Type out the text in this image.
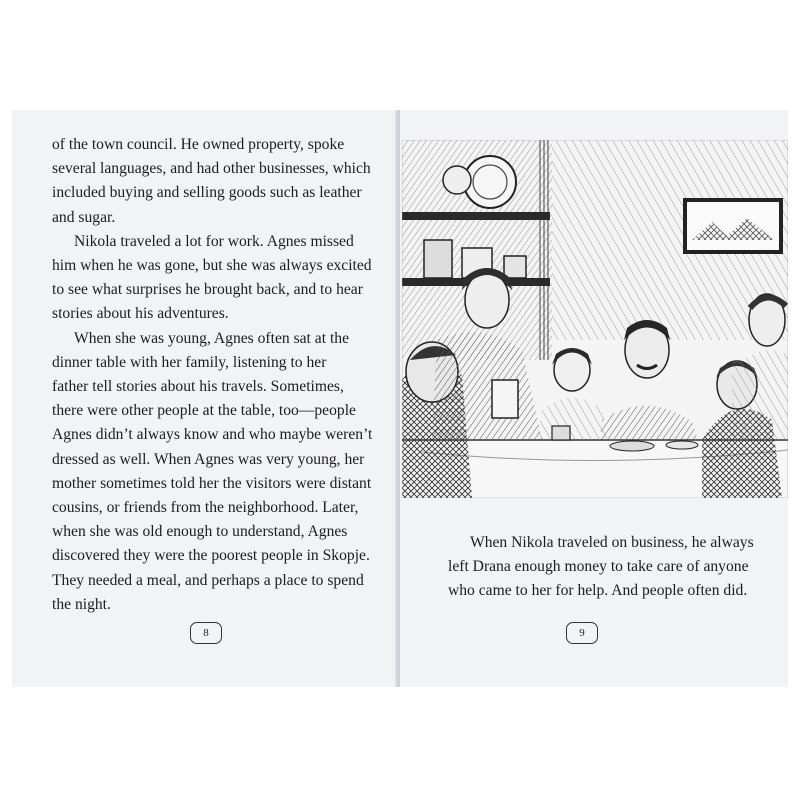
of the town council. He owned property, spoke
several languages, and had other businesses, which
included buying and selling goods such as leather
and sugar.

Nikola traveled a lot for work. Agnes missed
him when he was gone, but she was always excited
to see what surprises he brought back, and to hear
stories about his adventures.

When she was young, Agnes often sat at the
dinner table with her family, listening to her
father tell stories about his travels. Sometimes,
there were other people at the table, too—people
Agnes didn’t always know and who maybe weren’t
dressed as well. When Agnes was very young, her
mother sometimes told her the visitors were distant
cousins, or friends from the neighborhood. Later,
when she was old enough to understand, Agnes
discovered they were the poorest people in Skopje.
They needed a meal, and perhaps a place to spend
the night.

8

When Nikola traveled on business, he always
left Drana enough money to take care of anyone
who came to her for help. And people often did.

9
